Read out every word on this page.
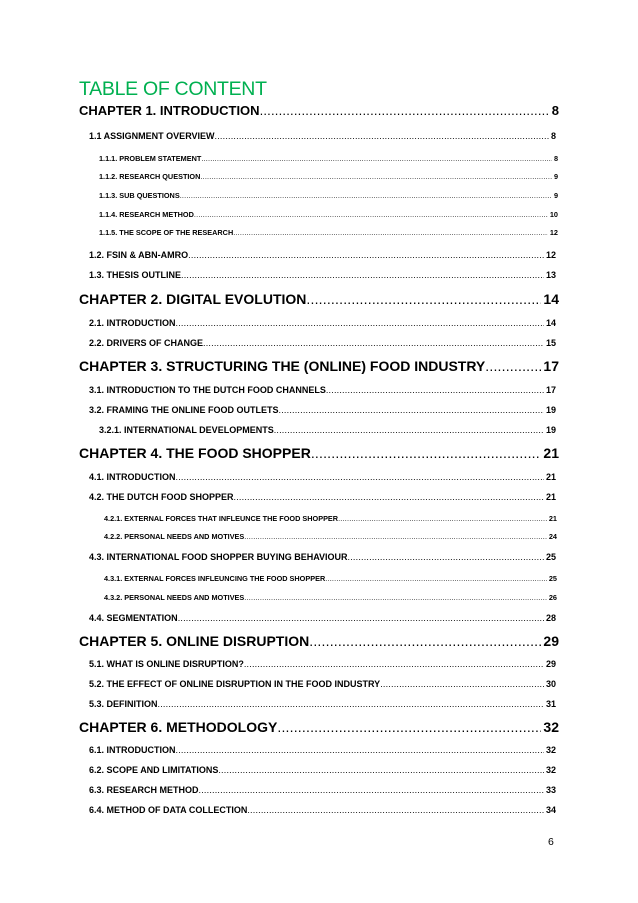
TABLE OF CONTENT
CHAPTER 1. INTRODUCTION .....	8
1.1 ASSIGNMENT OVERVIEW .....	8
1.1.1. PROBLEM STATEMENT .....	8
1.1.2. RESEARCH QUESTION .....	9
1.1.3. SUB QUESTIONS .....	9
1.1.4. RESEARCH METHOD .....	10
1.1.5. THE SCOPE OF THE RESEARCH .....	12
1.2. FSIN & ABN-AMRO .....	12
1.3. THESIS OUTLINE .....	13
CHAPTER 2. DIGITAL EVOLUTION .....	14
2.1. INTRODUCTION .....	14
2.2. DRIVERS OF CHANGE .....	15
CHAPTER 3. STRUCTURING THE (ONLINE) FOOD INDUSTRY .....	17
3.1. INTRODUCTION TO THE DUTCH FOOD CHANNELS .....	17
3.2. FRAMING THE ONLINE FOOD OUTLETS .....	19
3.2.1. INTERNATIONAL DEVELOPMENTS .....	19
CHAPTER 4. THE FOOD SHOPPER .....	21
4.1. INTRODUCTION .....	21
4.2. THE DUTCH FOOD SHOPPER .....	21
4.2.1. EXTERNAL FORCES THAT INFLEUNCE THE FOOD SHOPPER .....	21
4.2.2. PERSONAL NEEDS AND MOTIVES .....	24
4.3. INTERNATIONAL FOOD SHOPPER BUYING BEHAVIOUR .....	25
4.3.1. EXTERNAL FORCES INFLEUNCING THE FOOD SHOPPER .....	25
4.3.2. PERSONAL NEEDS AND MOTIVES .....	26
4.4. SEGMENTATION .....	28
CHAPTER 5. ONLINE DISRUPTION .....	29
5.1. WHAT IS ONLINE DISRUPTION? .....	29
5.2. THE EFFECT OF ONLINE DISRUPTION IN THE FOOD INDUSTRY .....	30
5.3. DEFINITION .....	31
CHAPTER 6. METHODOLOGY .....	32
6.1. INTRODUCTION .....	32
6.2. SCOPE AND LIMITATIONS .....	32
6.3. RESEARCH METHOD .....	33
6.4. METHOD OF DATA COLLECTION .....	34
6
